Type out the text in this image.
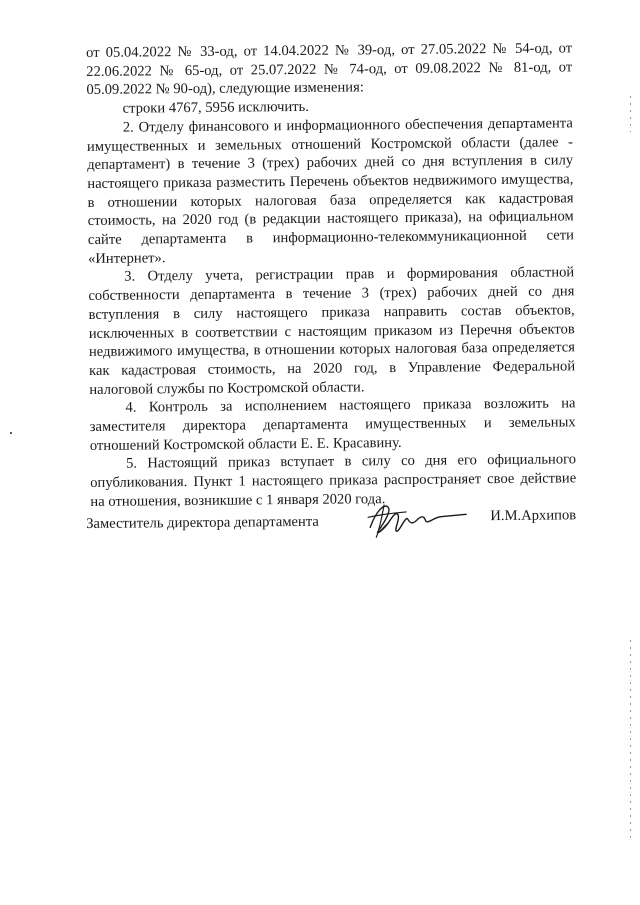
от 05.04.2022 № 33-од, от 14.04.2022 № 39-од, от 27.05.2022 № 54-од, от 22.06.2022 № 65-од, от 25.07.2022 № 74-од, от 09.08.2022 № 81-од, от 05.09.2022 № 90-од), следующие изменения:

строки 4767, 5956 исключить.

2. Отделу финансового и информационного обеспечения департамента имущественных и земельных отношений Костромской области (далее - департамент) в течение 3 (трех) рабочих дней со дня вступления в силу настоящего приказа разместить Перечень объектов недвижимого имущества, в отношении которых налоговая база определяется как кадастровая стоимость, на 2020 год (в редакции настоящего приказа), на официальном сайте департамента в информационно-телекоммуникационной сети «Интернет».

3. Отделу учета, регистрации прав и формирования областной собственности департамента в течение 3 (трех) рабочих дней со дня вступления в силу настоящего приказа направить состав объектов, исключенных в соответствии с настоящим приказом из Перечня объектов недвижимого имущества, в отношении которых налоговая база определяется как кадастровая стоимость, на 2020 год, в Управление Федеральной налоговой службы по Костромской области.

4. Контроль за исполнением настоящего приказа возложить на заместителя директора департамента имущественных и земельных отношений Костромской области Е. Е. Красавину.

5. Настоящий приказ вступает в силу со дня его официального опубликования. Пункт 1 настоящего приказа распространяет свое действие на отношения, возникшие с 1 января 2020 года.

Заместитель директора департамента	И.М.Архипов
